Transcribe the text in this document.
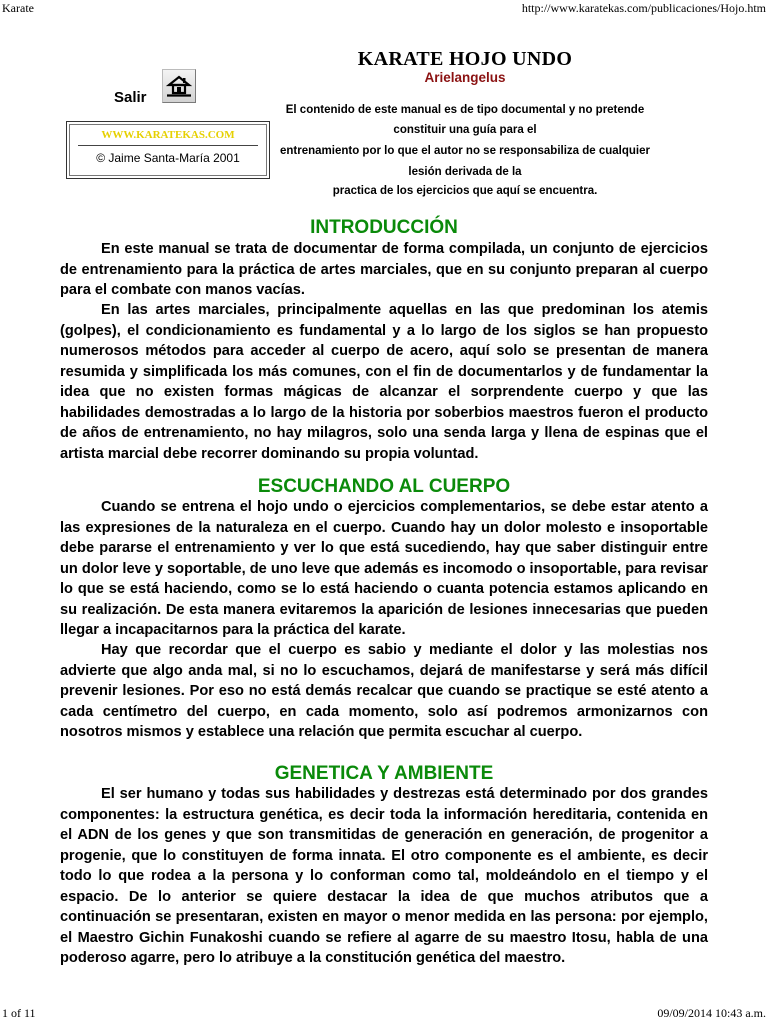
Karate	http://www.karatekas.com/publicaciones/Hojo.htm
1 of 11	09/09/2014 10:43 a.m.
Salir
WWW.KARATEKAS.COM
© Jaime Santa-María 2001
KARATE HOJO UNDO
Arielangelus
El contenido de este manual es de tipo documental y no pretende
constituir una guía para el
entrenamiento por lo que el autor no se responsabiliza de cualquier
lesión derivada de la
practica de los ejercicios que aquí se encuentra.
INTRODUCCIÓN

En este manual se trata de documentar de forma compilada, un conjunto de ejercicios de entrenamiento para la práctica de artes marciales, que en su conjunto preparan al cuerpo para el combate con manos vacías.

En las artes marciales, principalmente aquellas en las que predominan los atemis (golpes), el condicionamiento es fundamental y a lo largo de los siglos se han propuesto numerosos métodos para acceder al cuerpo de acero, aquí solo se presentan de manera resumida y simplificada los más comunes, con el fin de documentarlos y de fundamentar la idea que no existen formas mágicas de alcanzar el sorprendente cuerpo y que las habilidades demostradas a lo largo de la historia por soberbios maestros fueron el producto de años de entrenamiento, no hay milagros, solo una senda larga y llena de espinas que el artista marcial debe recorrer dominando su propia voluntad.

ESCUCHANDO AL CUERPO

Cuando se entrena el hojo undo o ejercicios complementarios, se debe estar atento a las expresiones de la naturaleza en el cuerpo. Cuando hay un dolor molesto e insoportable debe pararse el entrenamiento y ver lo que está sucediendo, hay que saber distinguir entre un dolor leve y soportable, de uno leve que además es incomodo o insoportable, para revisar lo que se está haciendo, como se lo está haciendo o cuanta potencia estamos aplicando en su realización. De esta manera evitaremos la aparición de lesiones innecesarias que pueden llegar a incapacitarnos para la práctica del karate.

Hay que recordar que el cuerpo es sabio y mediante el dolor y las molestias nos advierte que algo anda mal, si no lo escuchamos, dejará de manifestarse y será más difícil prevenir lesiones. Por eso no está demás recalcar que cuando se practique se esté atento a cada centímetro del cuerpo, en cada momento, solo así podremos armonizarnos con nosotros mismos y establece una relación que permita escuchar al cuerpo.

GENETICA Y AMBIENTE

El ser humano y todas sus habilidades y destrezas está determinado por dos grandes componentes: la estructura genética, es decir toda la información hereditaria, contenida en el ADN de los genes y que son transmitidas de generación en generación, de progenitor a progenie, que lo constituyen de forma innata. El otro componente es el ambiente, es decir todo lo que rodea a la persona y lo conforman como tal, moldeándolo en el tiempo y el espacio. De lo anterior se quiere destacar la idea de que muchos atributos que a continuación se presentaran, existen en mayor o menor medida en las persona: por ejemplo, el Maestro Gichin Funakoshi cuando se refiere al agarre de su maestro Itosu, habla de una poderoso agarre, pero lo atribuye a la constitución genética del maestro.
